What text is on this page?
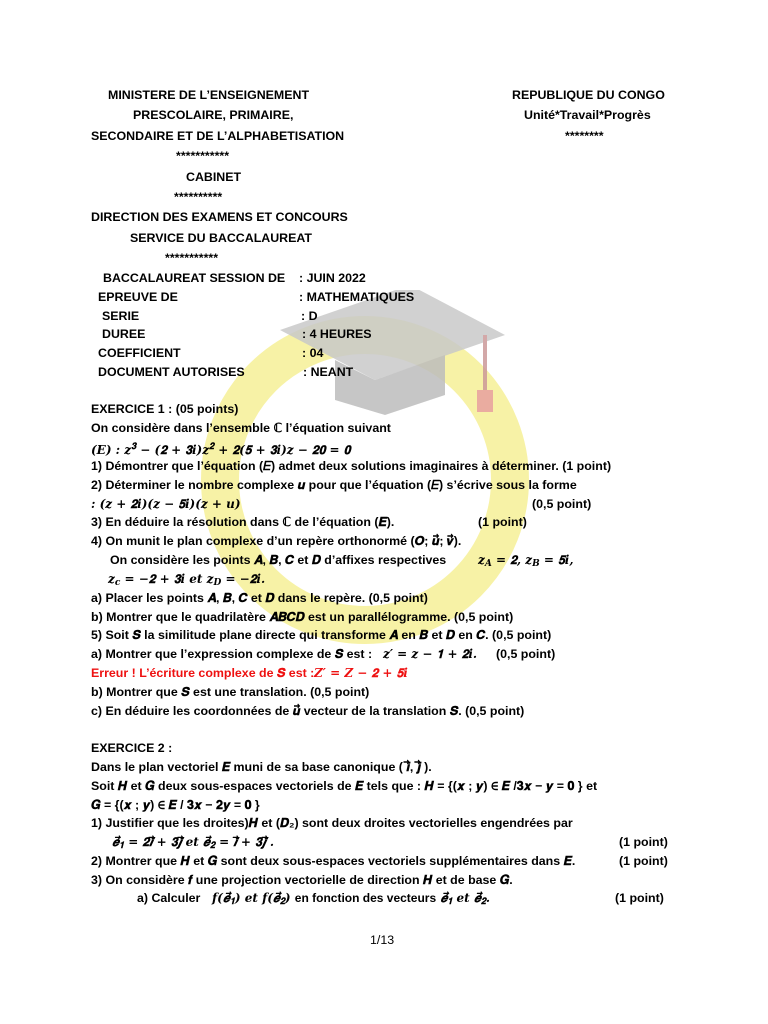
MINISTERE DE L’ENSEIGNEMENT
PRESCOLAIRE, PRIMAIRE,
SECONDAIRE ET DE L’ALPHABETISATION
***********
CABINET
**********
DIRECTION DES EXAMENS ET CONCOURS
SERVICE DU BACCALAUREAT
***********
REPUBLIQUE DU CONGO
Unité*Travail*Progrès
********
BACCALAUREAT SESSION DE : JUIN 2022
EPREUVE DE	: MATHEMATIQUES
SERIE	: D
DUREE	: 4 HEURES
COEFFICIENT	: 04
DOCUMENT AUTORISES	: NEANT
EXERCICE 1 : (05 points)
On considère dans l’ensemble ℂ l’équation suivant
(𝑬) : 𝒛$^𝟑$ − (𝟐 + 𝟑𝒊)𝒛$^𝟐$ + 𝟐(𝟓 + 𝟑𝒊)𝒛 − 𝟐𝟎 = 𝟎
1) Démontrer que l’équation (𝐸) admet deux solutions imaginaires à déterminer. (1 point)
2) Déterminer le nombre complexe 𝒖 pour que l’équation (𝐸) s’écrive sous la forme
: (𝒛 + 𝟐𝒊)(𝒛 − 𝟓𝒊)(𝒛 + 𝒖)	(0,5 point)
3) En déduire la résolution dans ℂ de l’équation (𝑬).	(1 point)
4) On munit le plan complexe d’un repère orthonormé (𝑶; 𝒖⃗; 𝒗⃗).
On considère les points 𝑨, 𝑩, 𝑪 et 𝑫 d’affixes respectives	𝒛𝑨 = 𝟐, 𝒛𝑩 = 𝟓𝒊,
𝒛𝒄 = −𝟐 + 𝟑𝒊 et 𝒛𝑫 = −𝟐𝒊.
a) Placer les points 𝑨, 𝑩, 𝑪 et 𝑫 dans le repère. (0,5 point)
b) Montrer que le quadrilatère 𝑨𝑩𝑪𝑫 est un parallélogramme. (0,5 point)
5) Soit 𝑺 la similitude plane directe qui transforme 𝑨 en 𝑩 et 𝑫 en 𝑪. (0,5 point)
a) Montrer que l’expression complexe de 𝑺 est : 𝒛′ = 𝒛 − 𝟏 + 𝟐𝒊. (0,5 point)
Erreur ! L’écriture complexe de 𝑺 est : 𝒁′ = 𝒁 − 𝟐 + 𝟓𝒊
b) Montrer que 𝑺 est une translation. (0,5 point)
c) En déduire les coordonnées de 𝒖⃗ vecteur de la translation 𝑺. (0,5 point)
EXERCICE 2 :
Dans le plan vectoriel 𝑬 muni de sa base canonique ( 𝒊⃗, 𝒋⃗ ).
Soit 𝑯 et 𝑮 deux sous-espaces vectoriels de 𝑬 tels que : 𝑯 = {(𝒙 ; 𝒚) ∈ 𝑬 /𝟑𝒙 − 𝒚 = 𝟎 } et
𝑮 = {(𝒙 ; 𝒚) ∈ 𝑬 / 𝟑𝒙 − 𝟐𝒚 = 𝟎 }
1) Justifier que les droites)𝑯 et (𝑫₂) sont deux droites vectorielles engendrées par
𝒆⃗𝟏 = 𝟐𝒊⃗ + 𝟑𝒋⃗ et 𝒆⃗𝟐 = 𝒊⃗ + 𝟑𝒋⃗ .	(1 point)
2) Montrer que 𝑯 et 𝑮 sont deux sous-espaces vectoriels supplémentaires dans 𝑬.	(1 point)
3) On considère 𝒇 une projection vectorielle de direction 𝑯 et de base 𝑮.
a) Calculer 𝒇(𝒆⃗𝟏) et 𝒇(𝒆⃗𝟐) en fonction des vecteurs 𝒆⃗𝟏 et 𝒆⃗𝟐.	(1 point)
1/13
